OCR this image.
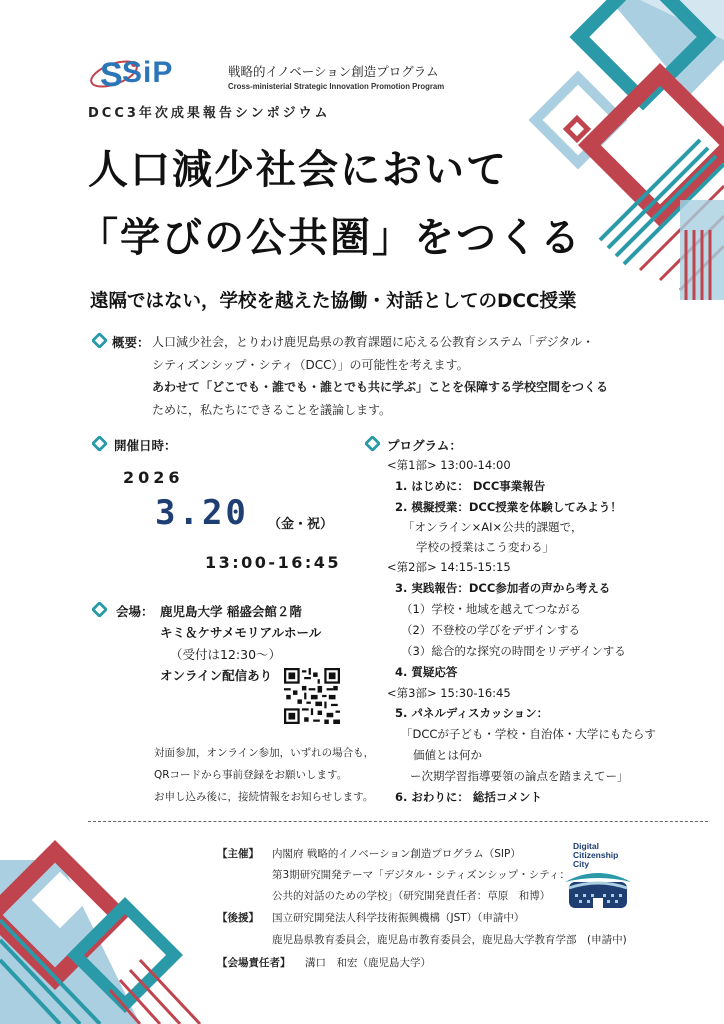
S SiP	戦略的イノベーション創造プログラム
Cross-ministerial Strategic Innovation Promotion Program
DCC3年次成果報告シンポジウム
人口減少社会において
「学びの公共圏」をつくる
遠隔ではない，学校を越えた協働・対話としてのDCC授業
概要： 人口減少社会，とりわけ鹿児島県の教育課題に応える公教育システム「デジタル・
シティズンシップ・シティ（DCC）」の可能性を考えます。
あわせて「どこでも・誰でも・誰とでも共に学ぶ」ことを保障する学校空間をつくる
ために，私たちにできることを議論します。
開催日時：
2026
3.20 （金・祝）
13:00-16:45
会場： 鹿児島大学 稲盛会館２階
キミ＆ケサメモリアルホール
（受付は12:30〜）
オンライン配信あり
対面参加，オンライン参加，いずれの場合も，
QRコードから事前登録をお願いします。
お申し込み後に，接続情報をお知らせします。
プログラム：
<第1部> 13:00-14:00
1. はじめに： DCC事業報告
2. 模擬授業：DCC授業を体験してみよう！
「オンライン×AI×公共的課題で，
学校の授業はこう変わる」
<第2部> 14:15-15:15
3. 実践報告：DCC参加者の声から考える
（1）学校・地域を越えてつながる
（2）不登校の学びをデザインする
（3）総合的な探究の時間をリデザインする
4. 質疑応答
<第3部> 15:30-16:45
5. パネルディスカッション：
「DCCが子ども・学校・自治体・大学にもたらす
価値とは何か
ー次期学習指導要領の論点を踏まえてー」
6. おわりに： 総括コメント
【主催】 内閣府 戦略的イノベーション創造プログラム（SIP）
第3期研究開発テーマ「デジタル・シティズンシップ・シティ：
公共的対話のための学校」（研究開発責任者：草原　和博）
【後援】 国立研究開発法人科学技術振興機構（JST）（申請中）
鹿児島県教育委員会，鹿児島市教育委員会，鹿児島大学教育学部　(申請中)
【会場責任者】 溝口　和宏（鹿児島大学）
Digital
Citizenship
City
